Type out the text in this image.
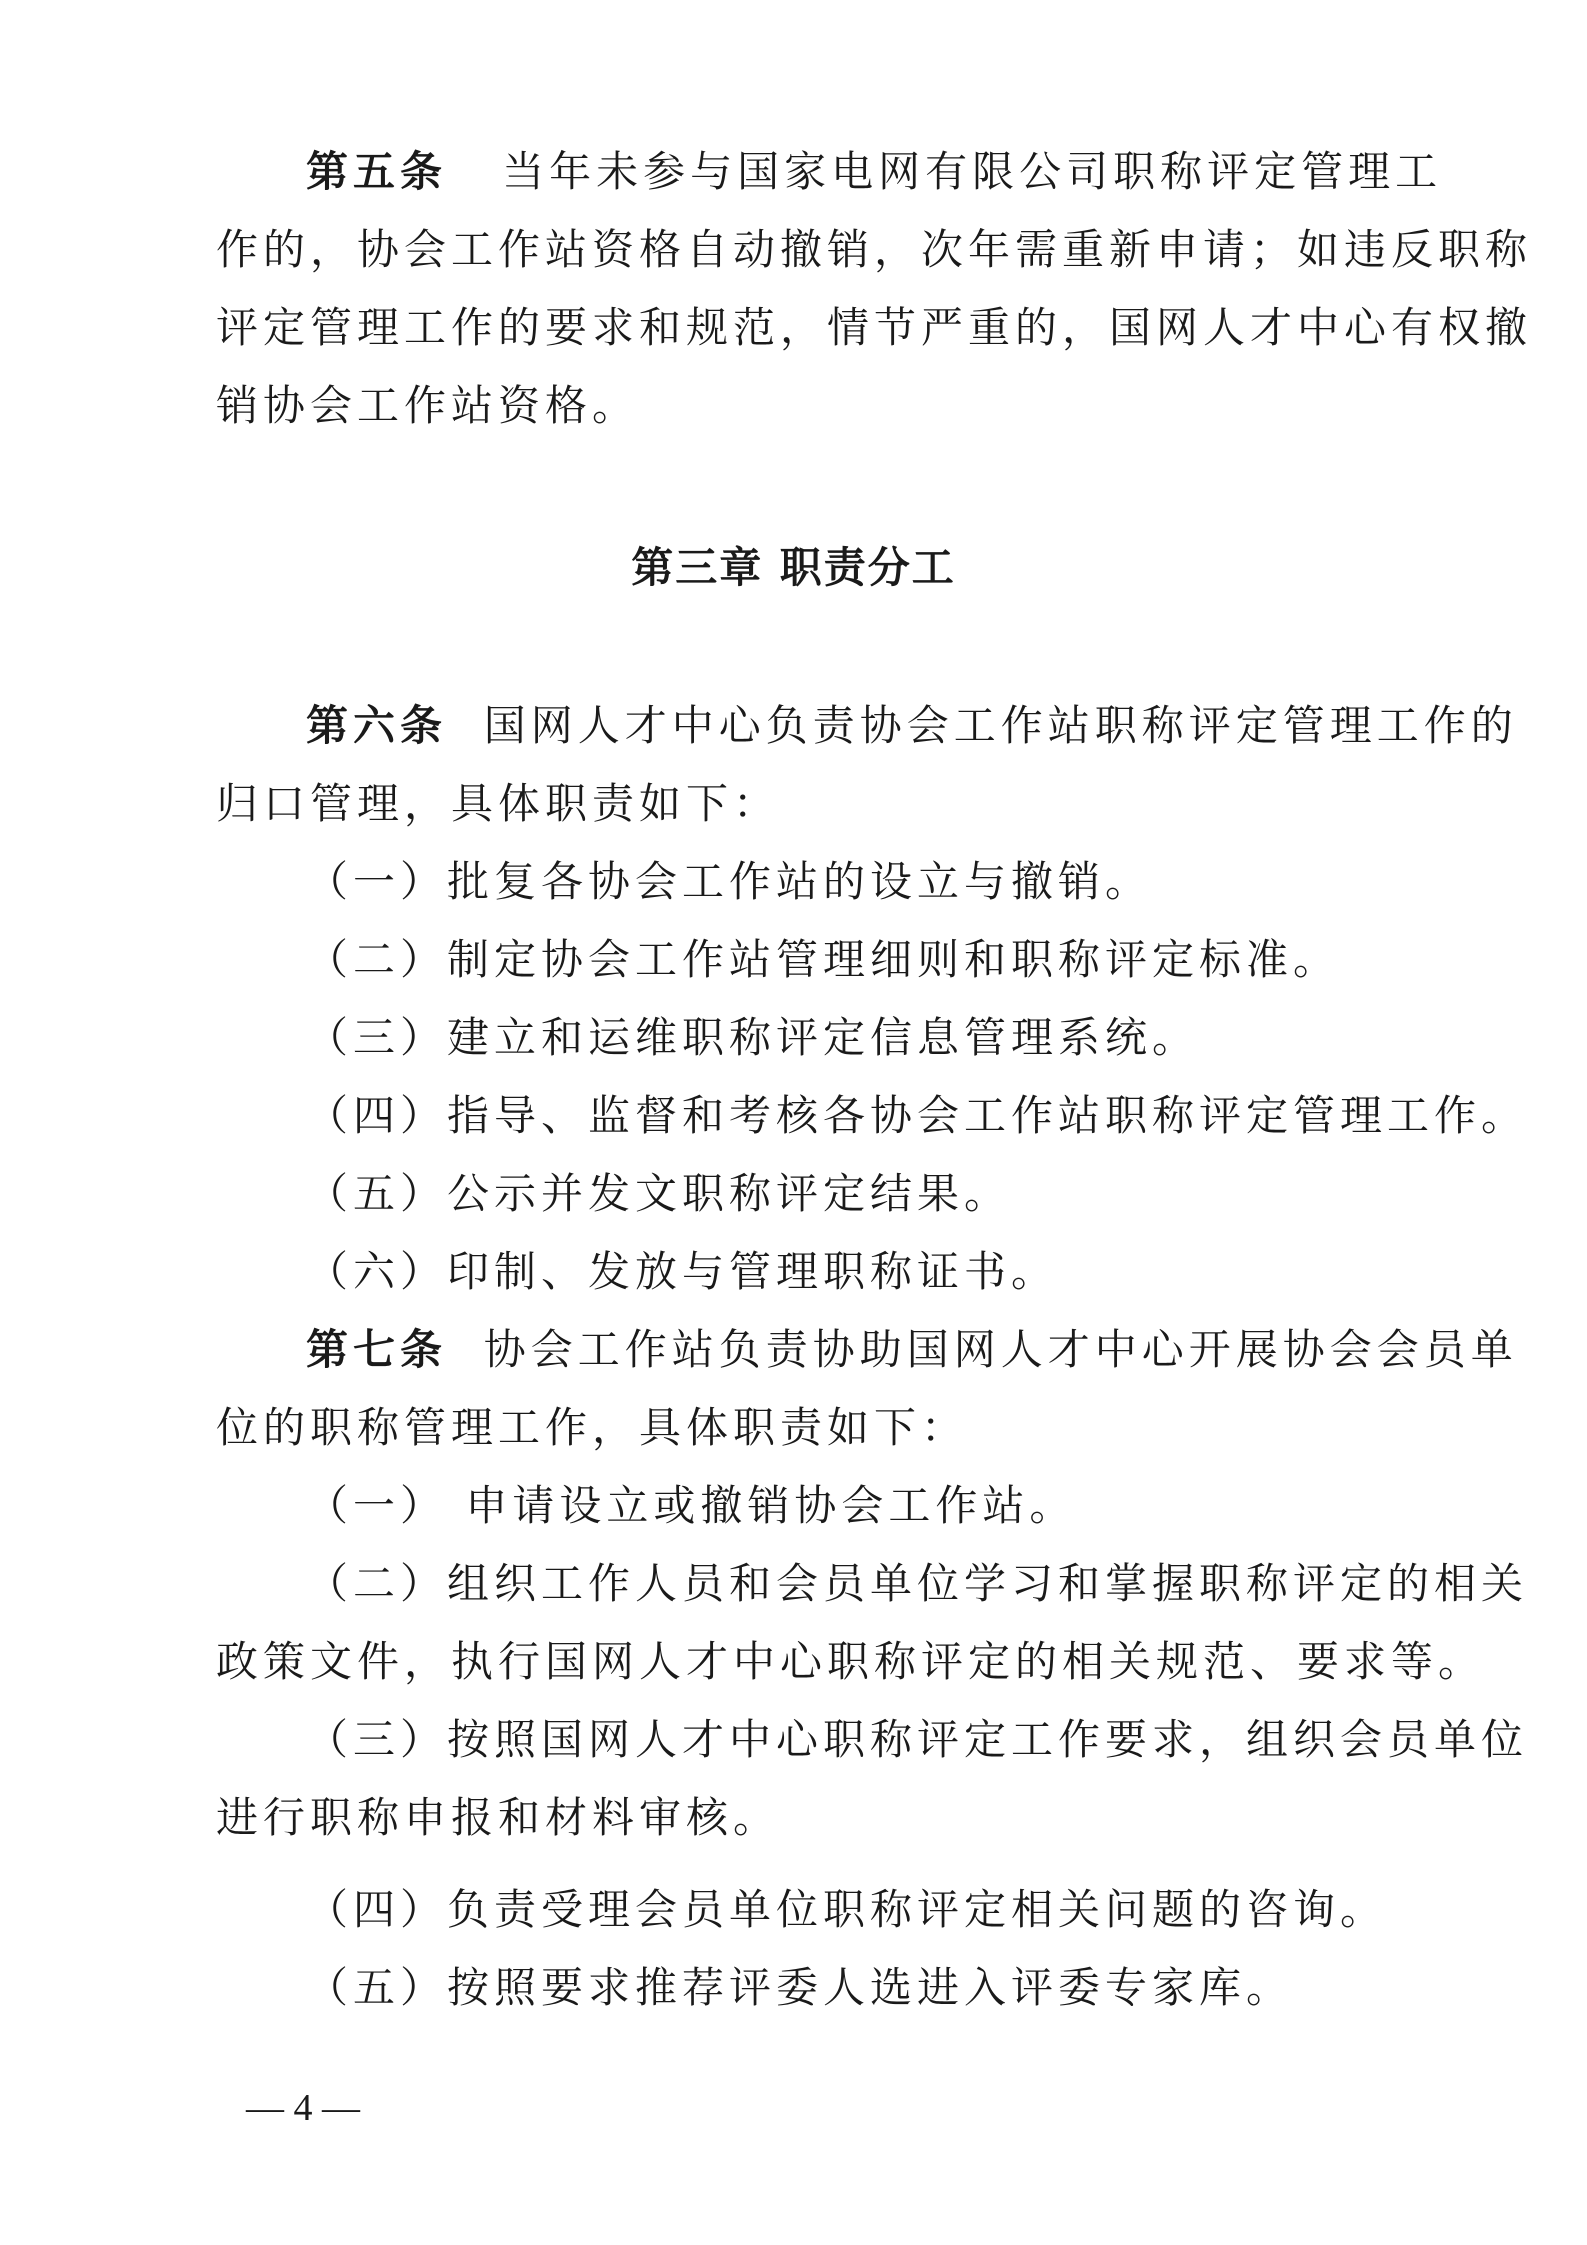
第五条 当年未参与国家电网有限公司职称评定管理工

作的，协会工作站资格自动撤销，次年需重新申请；如违反职称

评定管理工作的要求和规范，情节严重的，国网人才中心有权撤

销协会工作站资格。

第三章 职责分工

第六条 国网人才中心负责协会工作站职称评定管理工作的

归口管理，具体职责如下：

（一）批复各协会工作站的设立与撤销。

（二）制定协会工作站管理细则和职称评定标准。

（三）建立和运维职称评定信息管理系统。

（四）指导、监督和考核各协会工作站职称评定管理工作。

（五）公示并发文职称评定结果。

（六）印制、发放与管理职称证书。

第七条 协会工作站负责协助国网人才中心开展协会会员单

位的职称管理工作，具体职责如下：

（一） 申请设立或撤销协会工作站。

（二）组织工作人员和会员单位学习和掌握职称评定的相关

政策文件，执行国网人才中心职称评定的相关规范、要求等。

（三）按照国网人才中心职称评定工作要求，组织会员单位

进行职称申报和材料审核。

（四）负责受理会员单位职称评定相关问题的咨询。

（五）按照要求推荐评委人选进入评委专家库。

— 4 —
